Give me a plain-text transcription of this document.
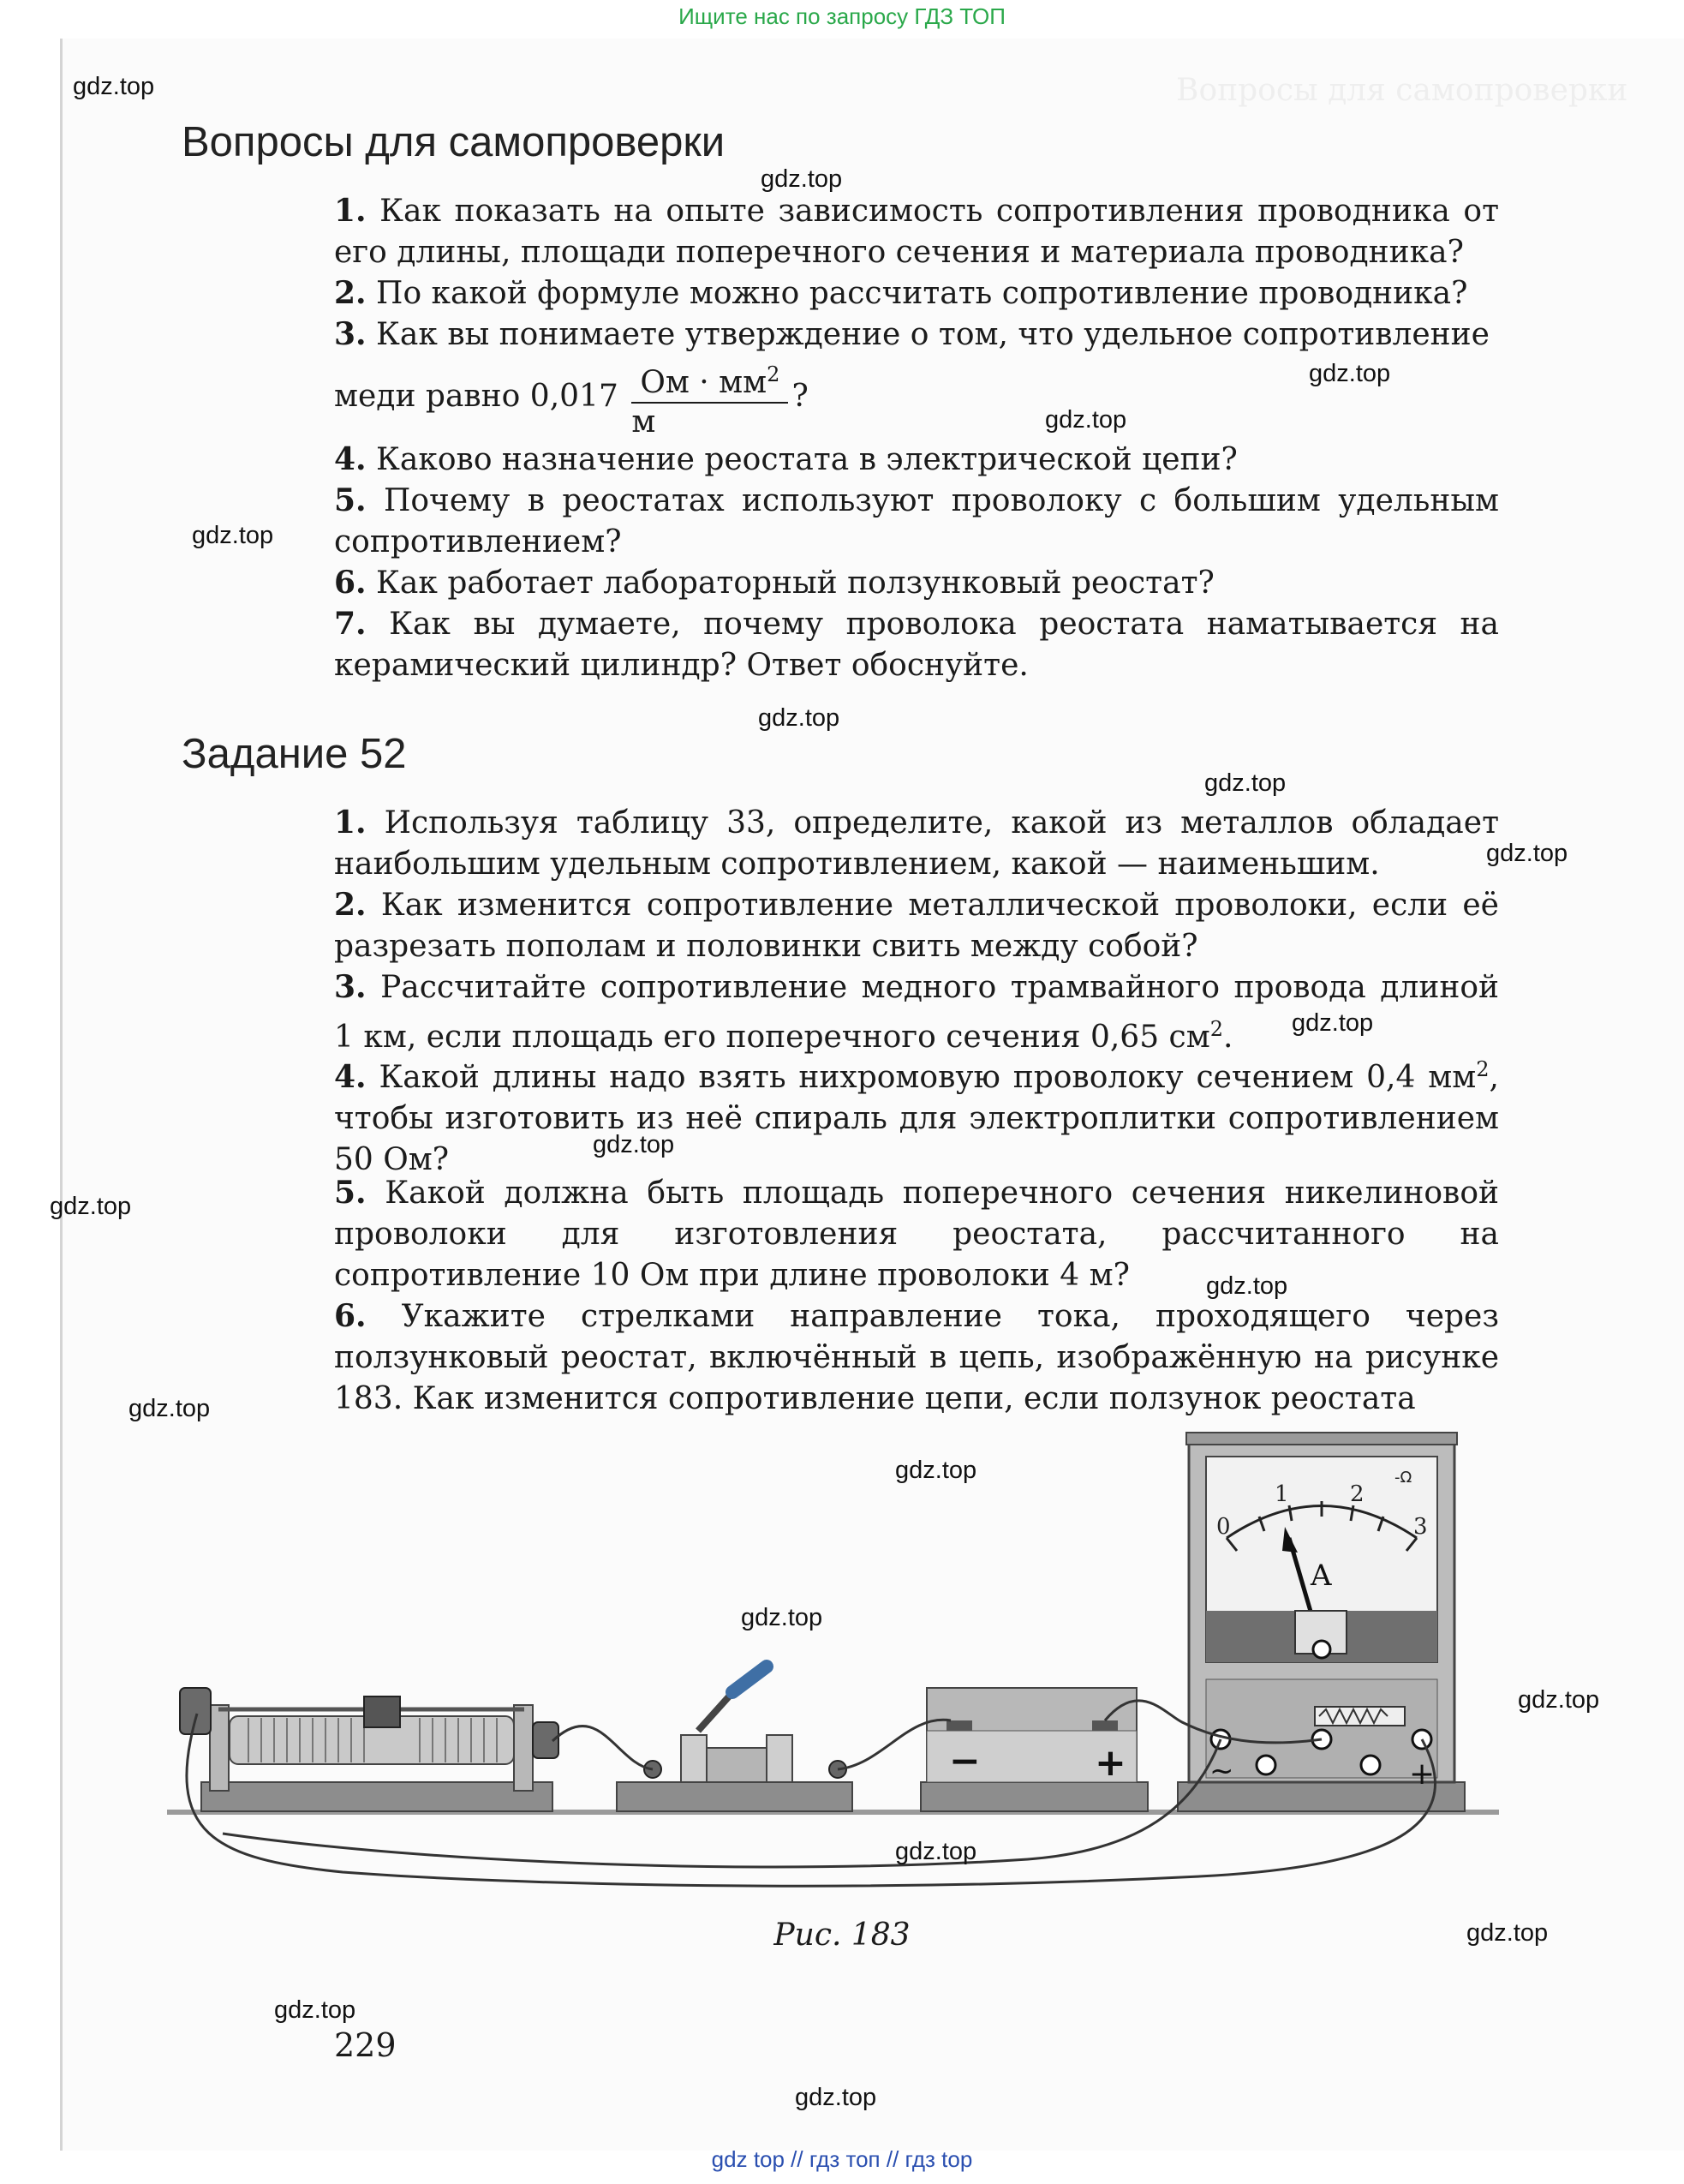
Ищите нас по запросу ГДЗ ТОП
Вопросы для самопроверки
Вопросы для самопроверки
1. Как показать на опыте зависимость сопротивления проводника от его длины, площади поперечного сечения и материала проводника?
2. По какой формуле можно рассчитать сопротивление проводника?
3. Как вы понимаете утверждение о том, что удельное сопротивление
меди равно $0,017 \frac{Ом \cdot мм^2}{м}$ ?
4. Каково назначение реостата в электрической цепи?
5. Почему в реостатах используют проволоку с большим удельным сопротивлением?
6. Как работает лабораторный ползунковый реостат?
7. Как вы думаете, почему проволока реостата наматывается на керамический цилиндр? Ответ обоснуйте.
Задание 52
1. Используя таблицу 33, определите, какой из металлов обладает наибольшим удельным сопротивлением, какой — наименьшим.
2. Как изменится сопротивление металлической проволоки, если её разрезать пополам и половинки свить между собой?
3. Рассчитайте сопротивление медного трамвайного провода длиной 1 км, если площадь его поперечного сечения 0,65 $см^2$.
4. Какой длины надо взять нихромовую проволоку сечением 0,4 $мм^2$, чтобы изготовить из неё спираль для электроплитки сопротивлением 50 Ом?
5. Какой должна быть площадь поперечного сечения никелиновой проволоки для изготовления реостата, рассчитанного на сопротивление 10 Ом при длине проволоки 4 м?
6. Укажите стрелками направление тока, проходящего через ползунковый реостат, включённый в цепь, изображённую на рисунке 183. Как изменится сопротивление цепи, если ползунок реостата
−	+
0
1	2
3
-Ω
A
~	+
Рис. 183
229
gdz.top
gdz.top
gdz.top
gdz.top
gdz.top
gdz.top
gdz.top
gdz.top
gdz.top
gdz.top
gdz.top
gdz.top
gdz.top
gdz.top
gdz.top
gdz.top
gdz.top
gdz.top
gdz.top
gdz.top
gdz top // гдз топ // гдз top
